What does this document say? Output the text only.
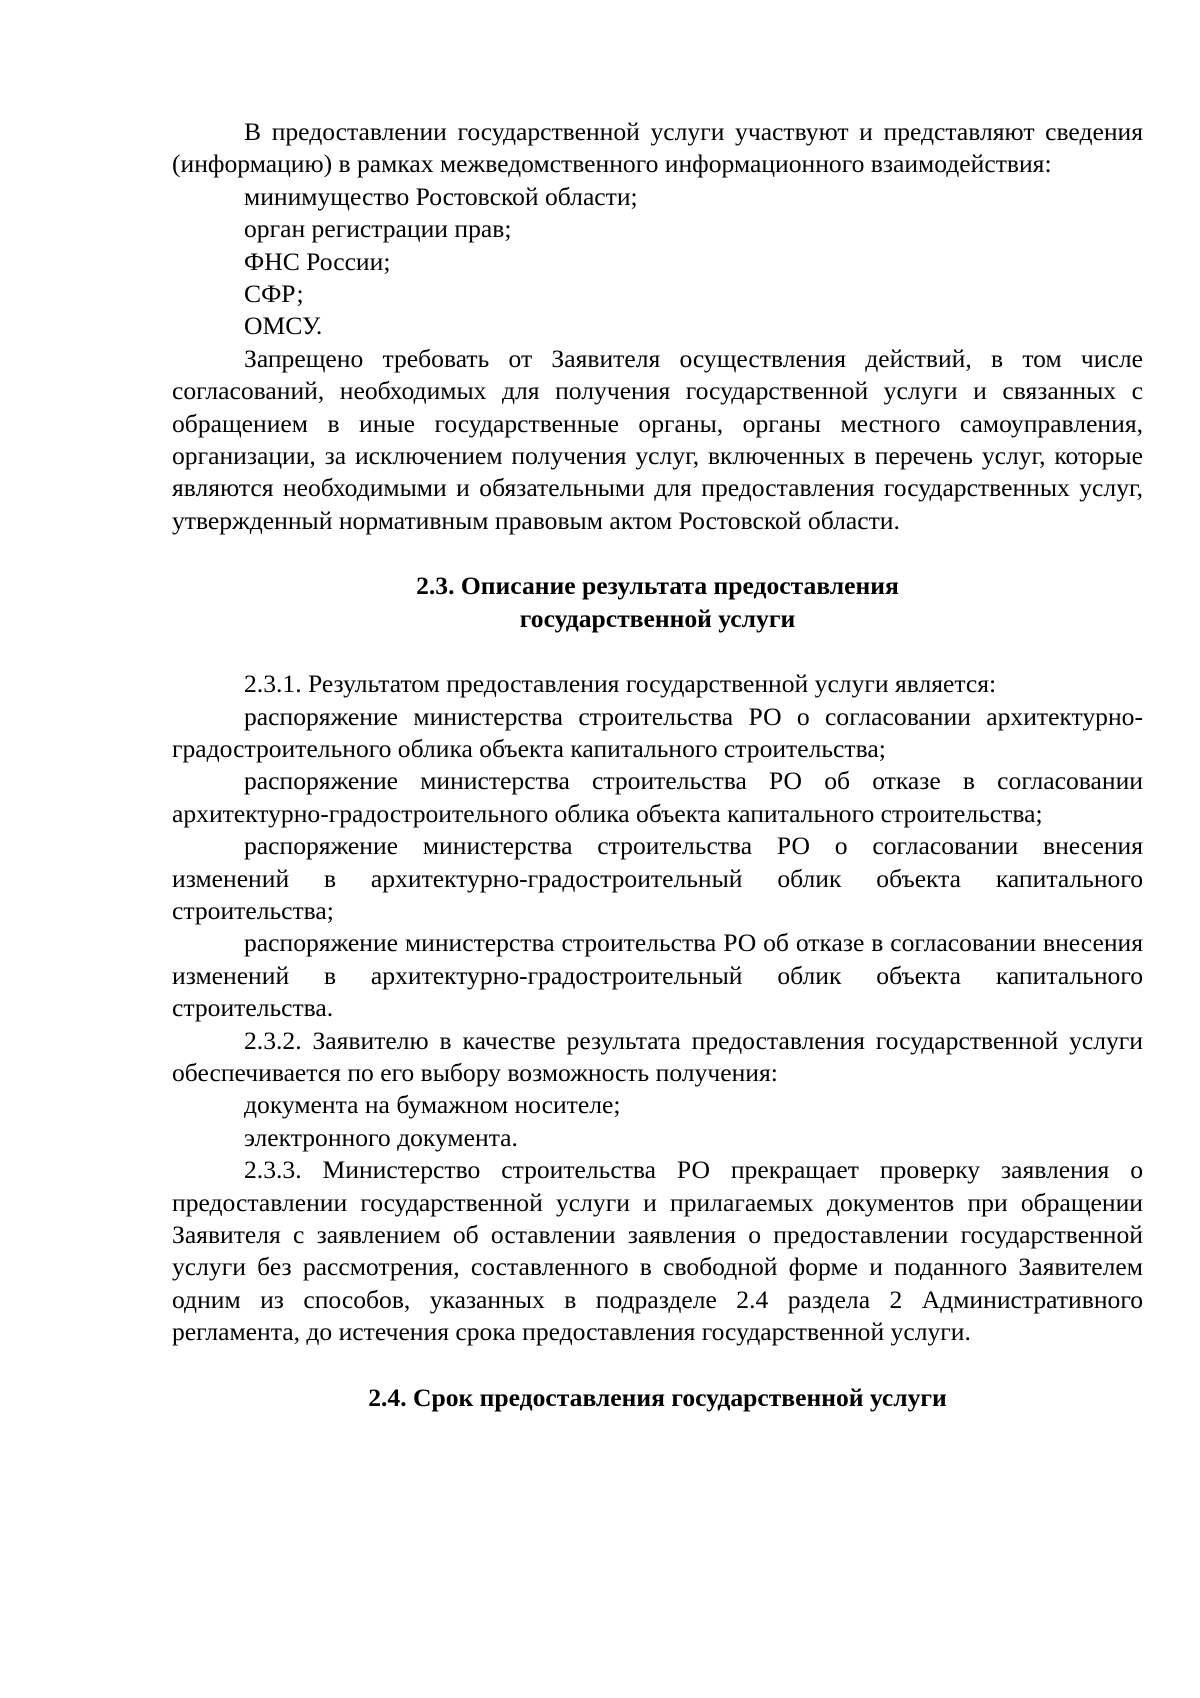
В предоставлении государственной услуги участвуют и представляют сведения (информацию) в рамках межведомственного информационного взаимодействия:

минимущество Ростовской области;

орган регистрации прав;

ФНС России;

СФР;

ОМСУ.

Запрещено требовать от Заявителя осуществления действий, в том числе согласований, необходимых для получения государственной услуги и связанных с обращением в иные государственные органы, органы местного самоуправления, организации, за исключением получения услуг, включенных в перечень услуг, которые являются необходимыми и обязательными для предоставления государственных услуг, утвержденный нормативным правовым актом Ростовской области.

2.3. Описание результата предоставления

государственной услуги

2.3.1. Результатом предоставления государственной услуги является:

распоряжение министерства строительства РО о согласовании архитектурно-градостроительного облика объекта капитального строительства;

распоряжение министерства строительства РО об отказе в согласовании архитектурно-градостроительного облика объекта капитального строительства;

распоряжение министерства строительства РО о согласовании внесения изменений в архитектурно-градостроительный облик объекта капитального строительства;

распоряжение министерства строительства РО об отказе в согласовании внесения изменений в архитектурно-градостроительный облик объекта капитального строительства.

2.3.2. Заявителю в качестве результата предоставления государственной услуги обеспечивается по его выбору возможность получения:

документа на бумажном носителе;

электронного документа.

2.3.3. Министерство строительства РО прекращает проверку заявления о предоставлении государственной услуги и прилагаемых документов при обращении Заявителя с заявлением об оставлении заявления о предоставлении государственной услуги без рассмотрения, составленного в свободной форме и поданного Заявителем одним из способов, указанных в подразделе 2.4 раздела 2 Административного регламента, до истечения срока предоставления государственной услуги.

2.4. Срок предоставления государственной услуги
